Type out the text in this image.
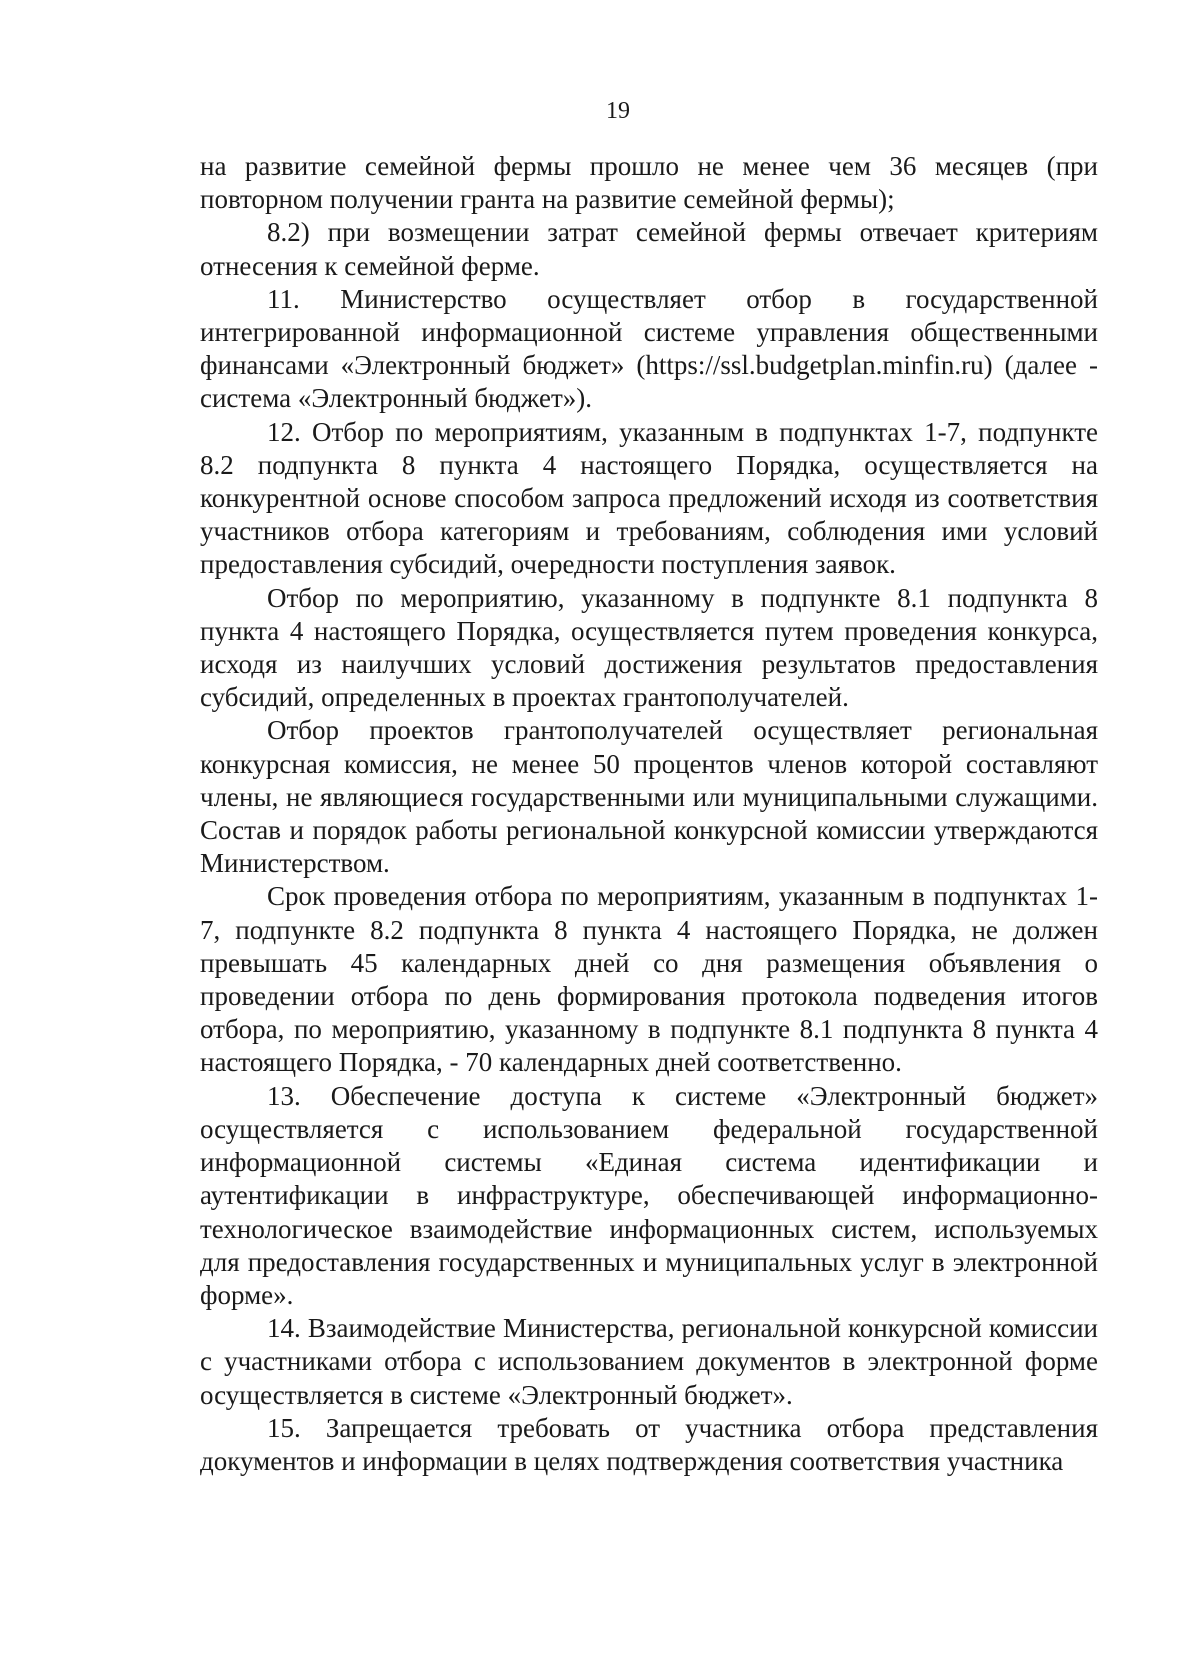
19

на развитие семейной фермы прошло не менее чем 36 месяцев (при повторном получении гранта на развитие семейной фермы);

8.2) при возмещении затрат семейной фермы отвечает критериям отнесения к семейной ферме.

11. Министерство осуществляет отбор в государственной интегрированной информационной системе управления общественными финансами «Электронный бюджет» (https://ssl.budgetplan.minfin.ru) (далее - система «Электронный бюджет»).

12. Отбор по мероприятиям, указанным в подпунктах 1-7, подпункте 8.2 подпункта 8 пункта 4 настоящего Порядка, осуществляется на конкурентной основе способом запроса предложений исходя из соответствия участников отбора категориям и требованиям, соблюдения ими условий предоставления субсидий, очередности поступления заявок.

Отбор по мероприятию, указанному в подпункте 8.1 подпункта 8 пункта 4 настоящего Порядка, осуществляется путем проведения конкурса, исходя из наилучших условий достижения результатов предоставления субсидий, определенных в проектах грантополучателей.

Отбор проектов грантополучателей осуществляет региональная конкурсная комиссия, не менее 50 процентов членов которой составляют члены, не являющиеся государственными или муниципальными служащими. Состав и порядок работы региональной конкурсной комиссии утверждаются Министерством.

Срок проведения отбора по мероприятиям, указанным в подпунктах 1-7, подпункте 8.2 подпункта 8 пункта 4 настоящего Порядка, не должен превышать 45 календарных дней со дня размещения объявления о проведении отбора по день формирования протокола подведения итогов отбора, по мероприятию, указанному в подпункте 8.1 подпункта 8 пункта 4 настоящего Порядка, - 70 календарных дней соответственно.

13. Обеспечение доступа к системе «Электронный бюджет» осуществляется с использованием федеральной государственной информационной системы «Единая система идентификации и аутентификации в инфраструктуре, обеспечивающей информационно-технологическое взаимодействие информационных систем, используемых для предоставления государственных и муниципальных услуг в электронной форме».

14. Взаимодействие Министерства, региональной конкурсной комиссии с участниками отбора с использованием документов в электронной форме осуществляется в системе «Электронный бюджет».

15. Запрещается требовать от участника отбора представления документов и информации в целях подтверждения соответствия участника
